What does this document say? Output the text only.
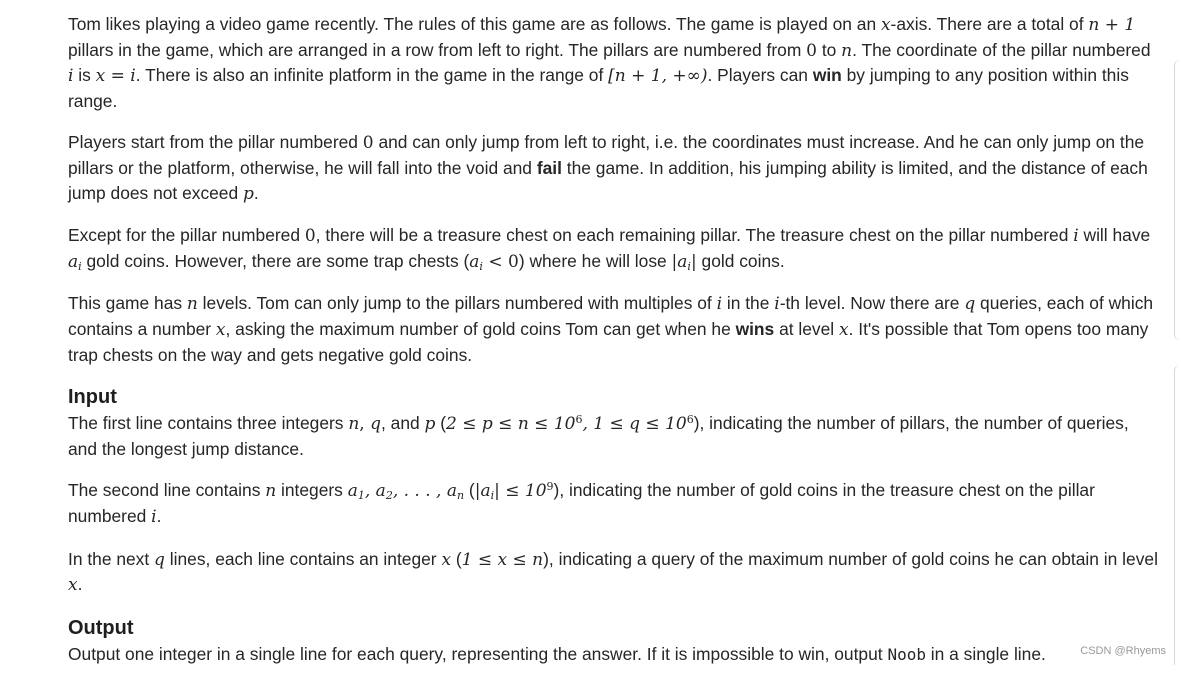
Tom likes playing a video game recently. The rules of this game are as follows. The game is played on an x-axis. There are a total of n + 1 pillars in the game, which are arranged in a row from left to right. The pillars are numbered from 0 to n. The coordinate of the pillar numbered i is x = i. There is also an infinite platform in the game in the range of [n + 1, +∞). Players can win by jumping to any position within this range.

Players start from the pillar numbered 0 and can only jump from left to right, i.e. the coordinates must increase. And he can only jump on the pillars or the platform, otherwise, he will fall into the void and fail the game. In addition, his jumping ability is limited, and the distance of each jump does not exceed p.

Except for the pillar numbered 0, there will be a treasure chest on each remaining pillar. The treasure chest on the pillar numbered i will have $a_i$ gold coins. However, there are some trap chests $(a_i < 0)$ where he will lose $|a_i|$ gold coins.

This game has n levels. Tom can only jump to the pillars numbered with multiples of i in the i-th level. Now there are q queries, each of which contains a number x, asking the maximum number of gold coins Tom can get when he wins at level x. It's possible that Tom opens too many trap chests on the way and gets negative gold coins.

Input

The first line contains three integers n, q, and p ($2 \le p \le n \le 10^6$, $1 \le q \le 10^6$), indicating the number of pillars, the number of queries, and the longest jump distance.

The second line contains n integers $a_1$, $a_2$, . . . , $a_n$ $(|a_i| \le 10^9)$, indicating the number of gold coins in the treasure chest on the pillar numbered i.

In the next q lines, each line contains an integer x (1 ≤ x ≤ n), indicating a query of the maximum number of gold coins he can obtain in level x.

Output

Output one integer in a single line for each query, representing the answer. If it is impossible to win, output Noob in a single line.	CSDN @Rhyems
